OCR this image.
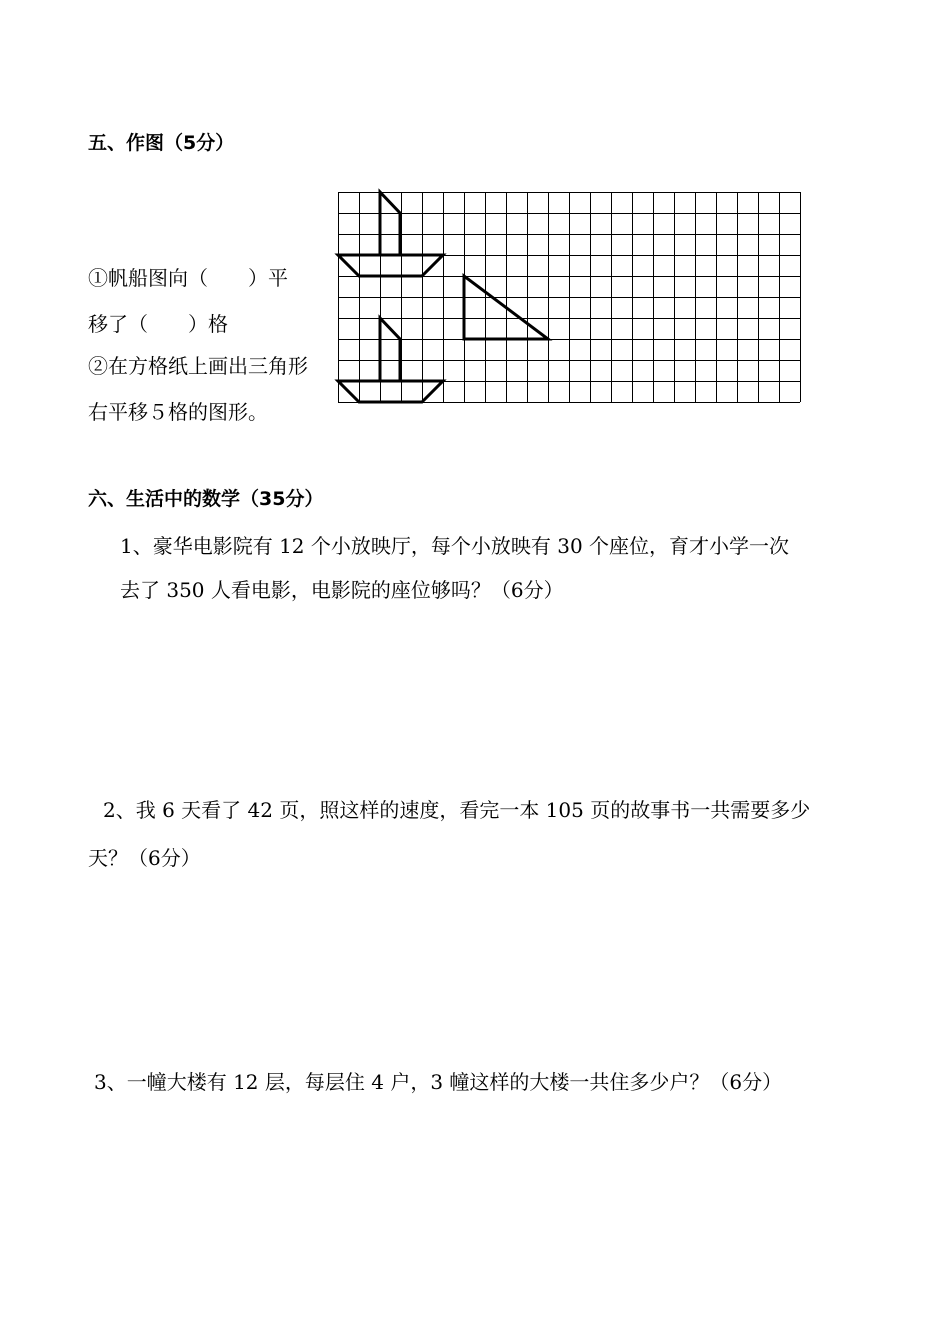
五、作图（5分）
①帆船图向（　　）平
移了（　　）格
②在方格纸上画出三角形
右平移５格的图形。
六、生活中的数学（35分）
1、豪华电影院有 12 个小放映厅，每个小放映有 30 个座位，育才小学一次
去了 350 人看电影，电影院的座位够吗？（6分）
2、我 6 天看了 42 页，照这样的速度，看完一本 105 页的故事书一共需要多少
天？（6分）
3、一幢大楼有 12 层，每层住 4 户，3 幢这样的大楼一共住多少户？（6分）
